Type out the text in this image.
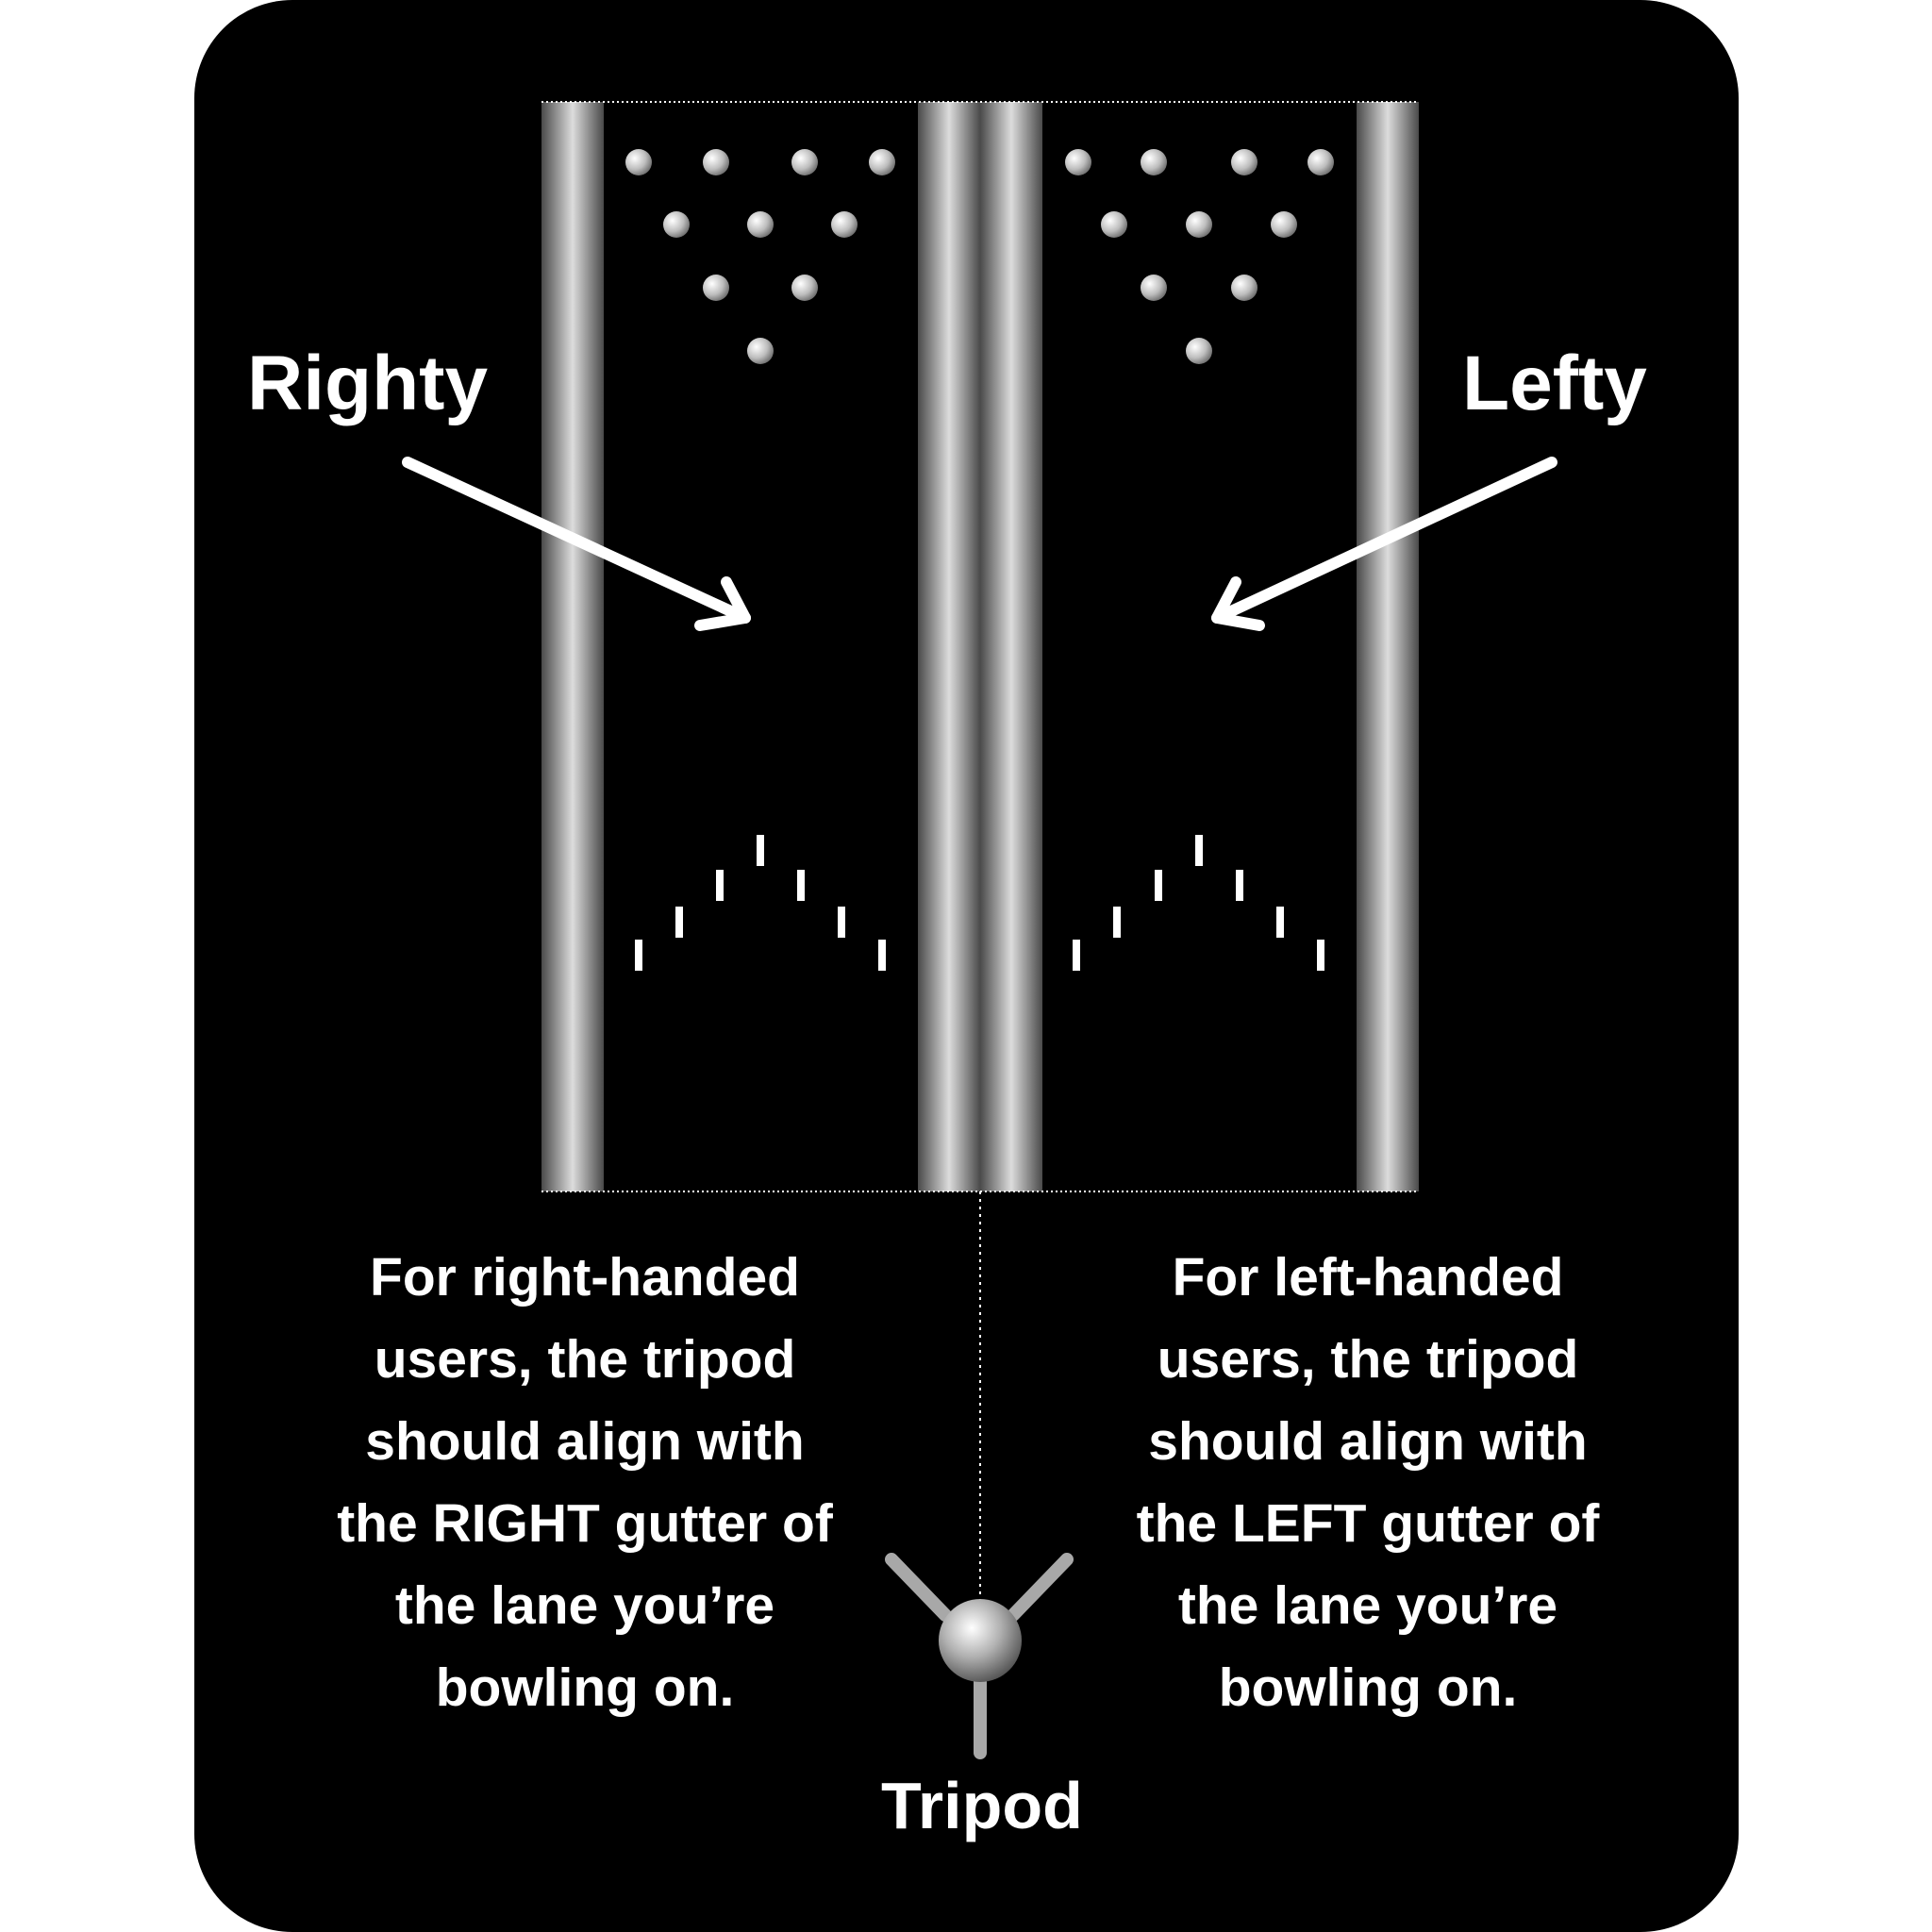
Righty	Lefty

For right-handed
users, the tripod
should align with
the RIGHT gutter of
the lane you’re
bowling on.
For left-handed
users, the tripod
should align with
the LEFT gutter of
the lane you’re
bowling on.

Tripod
